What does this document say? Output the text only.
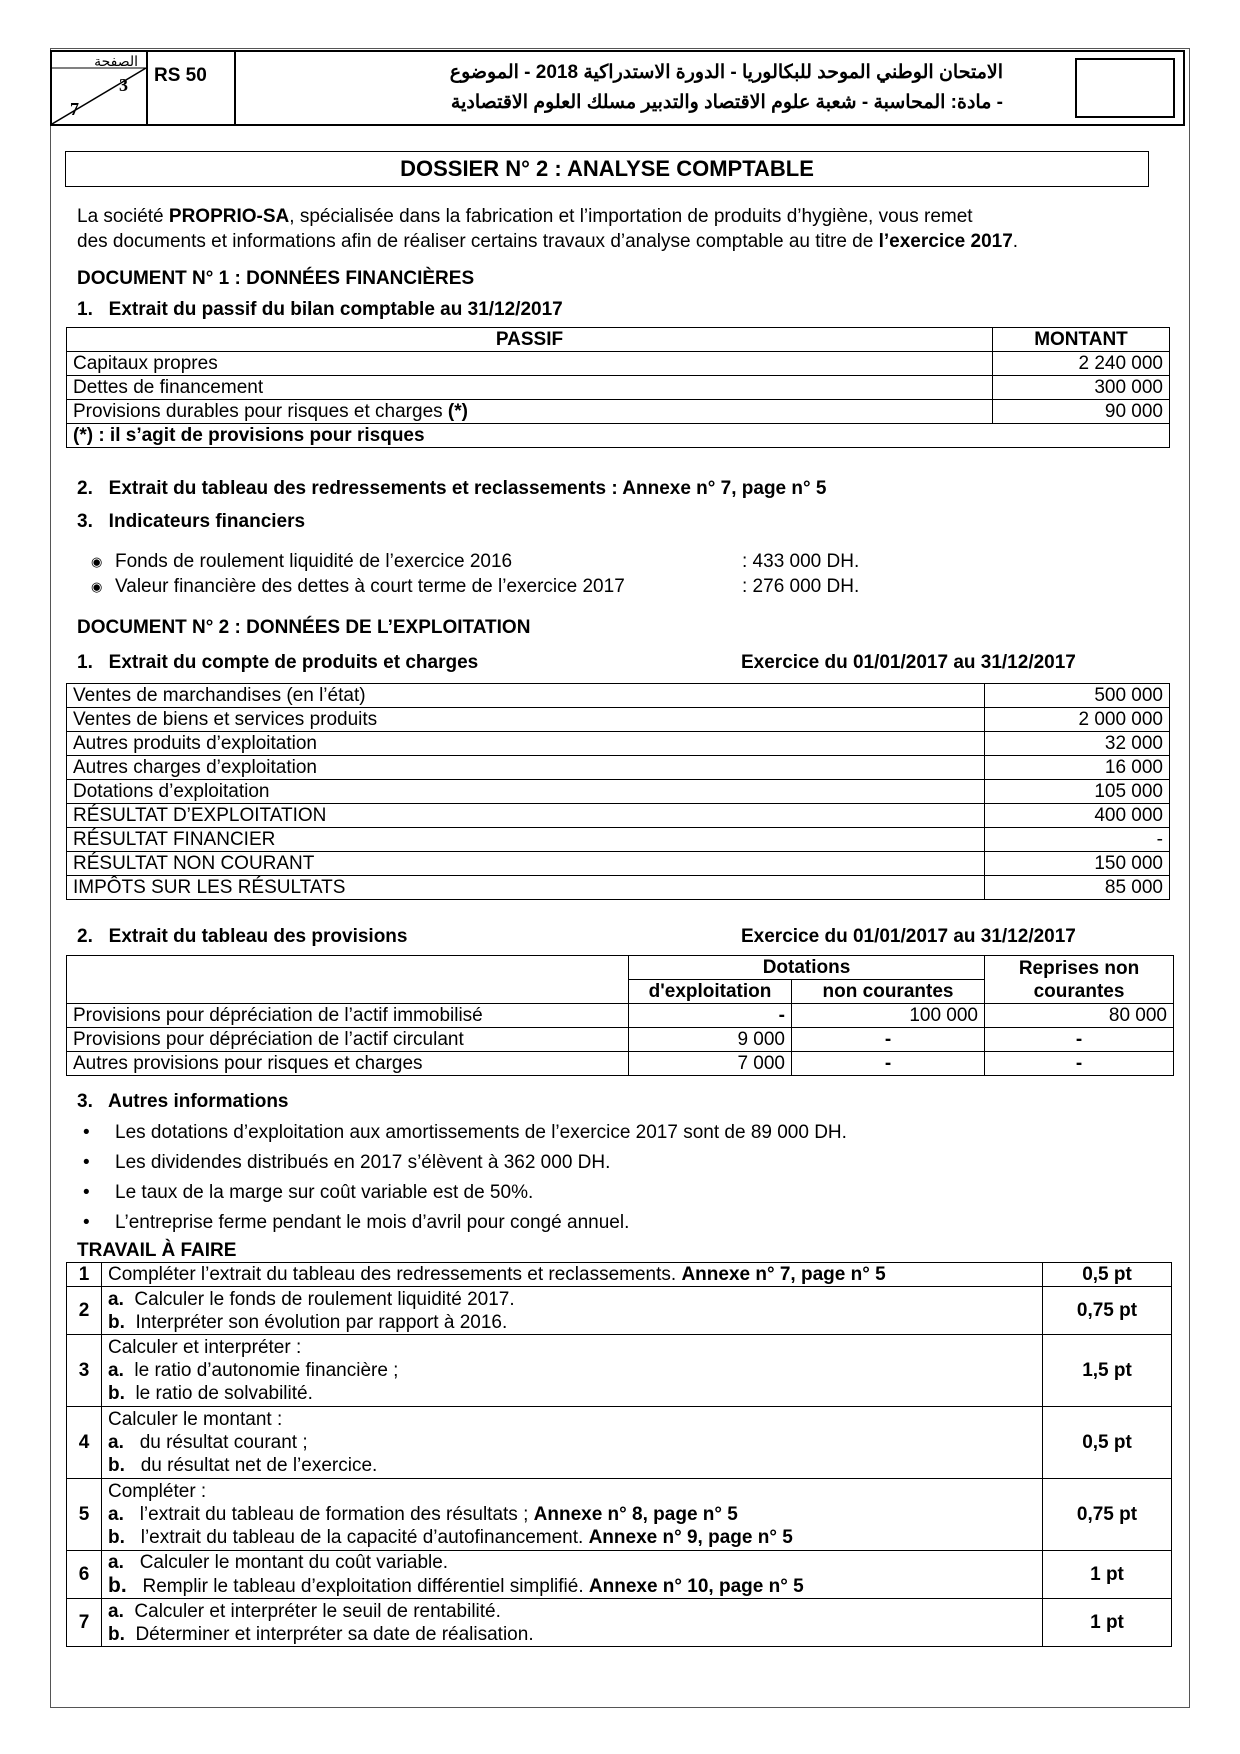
الصفحة
3
7
	RS 50	الامتحان الوطني الموحد للبكالوريا - الدورة الاستدراكية 2018 - الموضوع
- مادة: المحاسبة - شعبة علوم الاقتصاد والتدبير مسلك العلوم الاقتصادية
DOSSIER N° 2 : ANALYSE COMPTABLE
La société PROPRIO-SA, spécialisée dans la fabrication et l’importation de produits d’hygiène, vous remet
des documents et informations afin de réaliser certains travaux d’analyse comptable au titre de l’exercice 2017.
DOCUMENT N° 1 : DONNÉES FINANCIÈRES
1.   Extrait du passif du bilan comptable au 31/12/2017
PASSIF	MONTANT
Capitaux propres	2 240 000
Dettes de financement	300 000
Provisions durables pour risques et charges (*)	90 000
(*) : il s’agit de provisions pour risques	
2.   Extrait du tableau des redressements et reclassements : Annexe n° 7, page n° 5
3.   Indicateurs financiers
◉ Fonds de roulement liquidité de l’exercice 2016	: 433 000 DH.
◉ Valeur financière des dettes à court terme de l’exercice 2017	: 276 000 DH.
DOCUMENT N° 2 : DONNÉES DE L’EXPLOITATION
1.   Extrait du compte de produits et charges	Exercice du 01/01/2017 au 31/12/2017
Ventes de marchandises (en l’état)	500 000
Ventes de biens et services produits	2 000 000
Autres produits d’exploitation	32 000
Autres charges d’exploitation	16 000
Dotations d’exploitation	105 000
RÉSULTAT D’EXPLOITATION	400 000
RÉSULTAT FINANCIER	-
RÉSULTAT NON COURANT	150 000
IMPÔTS SUR LES RÉSULTATS	85 000
2.   Extrait du tableau des provisions	Exercice du 01/01/2017 au 31/12/2017
	Dotations		Reprises non courantes
	d'exploitation	non courantes	
Provisions pour dépréciation de l’actif immobilisé	-	100 000	80 000
Provisions pour dépréciation de l’actif circulant	9 000	-	-
Autres provisions pour risques et charges	7 000	-	-
3.   Autres informations
• Les dotations d’exploitation aux amortissements de l’exercice 2017 sont de 89 000 DH.
• Les dividendes distribués en 2017 s’élèvent à 362 000 DH.
• Le taux de la marge sur coût variable est de 50%.
• L’entreprise ferme pendant le mois d’avril pour congé annuel.
TRAVAIL À FAIRE
1	Compléter l’extrait du tableau des redressements et reclassements. Annexe n° 7, page n° 5	0,5 pt
2	a.  Calculer le fonds de roulement liquidité 2017.
b.  Interpréter son évolution par rapport à 2016.	0,75 pt
3	Calculer et interpréter :
a.  le ratio d’autonomie financière ;
b.  le ratio de solvabilité.	1,5 pt
4	Calculer le montant :
a.   du résultat courant ;
b.   du résultat net de l’exercice.	0,5 pt
5	Compléter :
a.   l’extrait du tableau de formation des résultats ; Annexe n° 8, page n° 5
b.   l’extrait du tableau de la capacité d’autofinancement. Annexe n° 9, page n° 5	0,75 pt
6	a.   Calculer le montant du coût variable.
b.   Remplir le tableau d’exploitation différentiel simplifié. Annexe n° 10, page n° 5	1 pt
7	a.  Calculer et interpréter le seuil de rentabilité.
b.  Déterminer et interpréter sa date de réalisation.	1 pt
